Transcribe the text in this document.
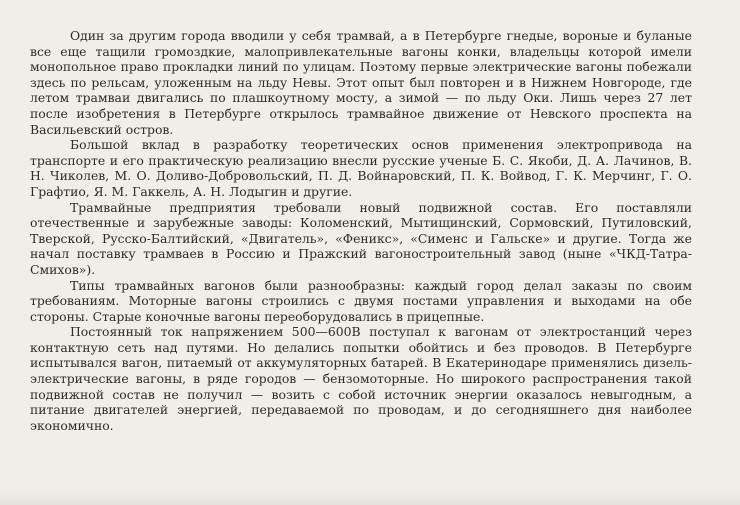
Один за другим города вводили у себя трамвай, а в Петербурге гнедые, вороные и буланые все еще тащили громоздкие, малопривлекательные вагоны конки, владельцы которой имели монопольное право прокладки линий по улицам. Поэтому первые электрические вагоны побежали здесь по рельсам, уложенным на льду Невы. Этот опыт был повторен и в Нижнем Новгороде, где летом трамваи двигались по плашкоутному мосту, а зимой — по льду Оки. Лишь через 27 лет после изобретения в Петербурге открылось трамвайное движение от Невского проспекта на Васильевский остров.

Большой вклад в разработку теоретических основ применения электропривода на транспорте и его практическую реализацию внесли русские ученые Б. С. Якоби, Д. А. Лачинов, В. Н. Чиколев, М. О. Доливо-Добровольский, П. Д. Войнаровский, П. К. Войвод, Г. К. Мерчинг, Г. О. Графтио, Я. М. Гаккель, А. Н. Лодыгин и другие.

Трамвайные предприятия требовали новый подвижной состав. Его поставляли отечественные и зарубежные заводы: Коломенский, Мытищинский, Сормовский, Путиловский, Тверской, Русско-Балтийский, «Двигатель», «Феникс», «Сименс и Гальске» и другие. Тогда же начал поставку трамваев в Россию и Пражский вагоностроительный завод (ныне «ЧКД-Татра-Смихов»).

Типы трамвайных вагонов были разнообразны: каждый город делал заказы по своим требованиям. Моторные вагоны строились с двумя постами управления и выходами на обе стороны. Старые коночные вагоны переоборудовались в прицепные.

Постоянный ток напряжением 500—600В поступал к вагонам от электростанций через контактную сеть над путями. Но делались попытки обойтись и без проводов. В Петербурге испытывался вагон, питаемый от аккумуляторных батарей. В Екатеринодаре применялись дизель-электрические вагоны, в ряде городов — бензомоторные. Но широкого распространения такой подвижной состав не получил — возить с собой источник энергии оказалось невыгодным, а питание двигателей энергией, передаваемой по проводам, и до сегодняшнего дня наиболее экономично.
